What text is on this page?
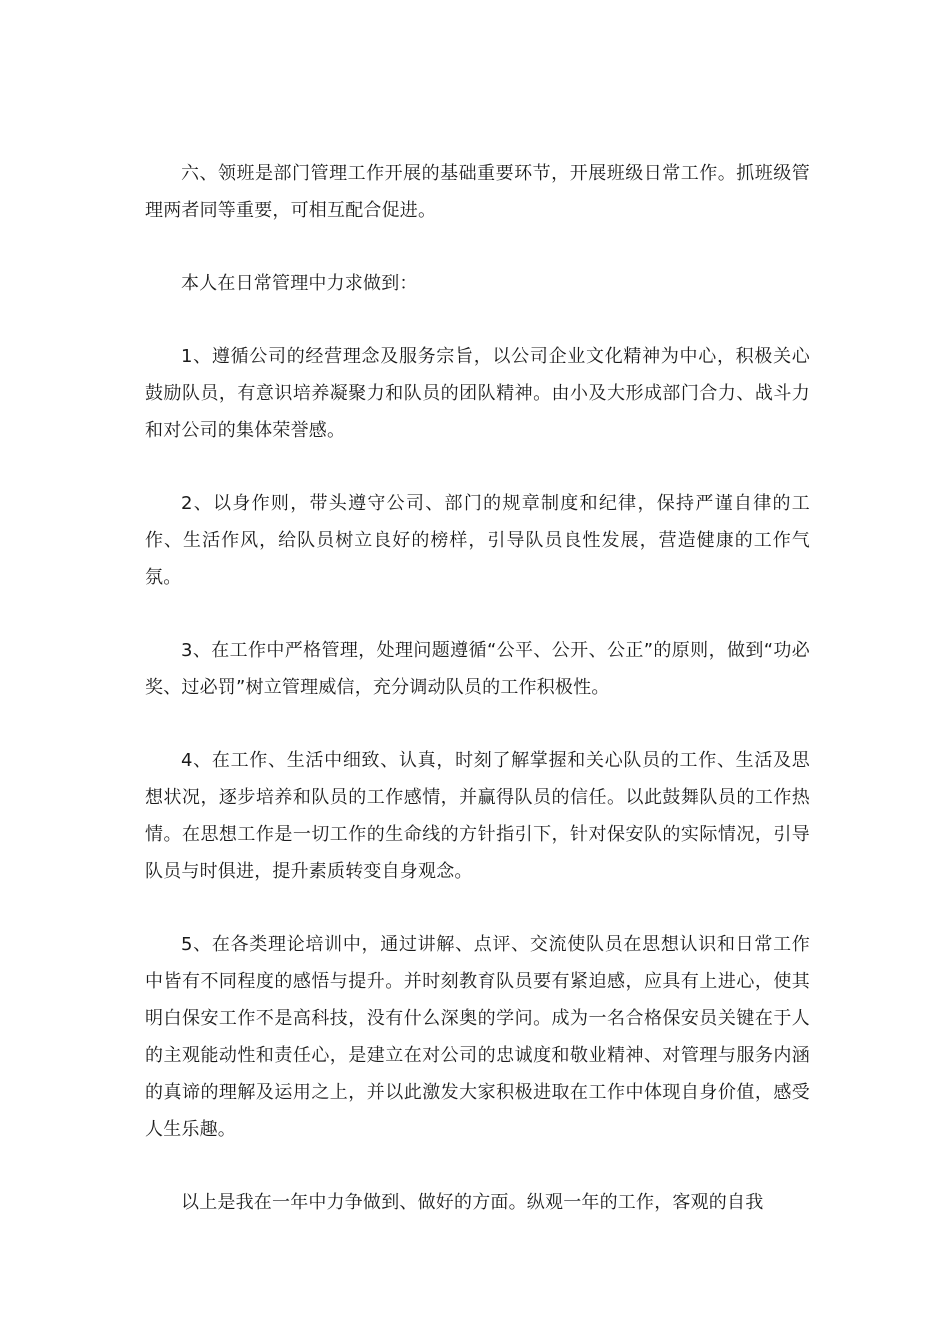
六、领班是部门管理工作开展的基础重要环节，开展班级日常工作。抓班级管理两者同等重要，可相互配合促进。

本人在日常管理中力求做到：

1、遵循公司的经营理念及服务宗旨，以公司企业文化精神为中心，积极关心鼓励队员，有意识培养凝聚力和队员的团队精神。由小及大形成部门合力、战斗力和对公司的集体荣誉感。

2、以身作则，带头遵守公司、部门的规章制度和纪律，保持严谨自律的工作、生活作风，给队员树立良好的榜样，引导队员良性发展，营造健康的工作气氛。

3、在工作中严格管理，处理问题遵循“公平、公开、公正”的原则，做到“功必奖、过必罚”树立管理威信，充分调动队员的工作积极性。

4、在工作、生活中细致、认真，时刻了解掌握和关心队员的工作、生活及思想状况，逐步培养和队员的工作感情，并赢得队员的信任。以此鼓舞队员的工作热情。在思想工作是一切工作的生命线的方针指引下，针对保安队的实际情况，引导队员与时俱进，提升素质转变自身观念。

5、在各类理论培训中，通过讲解、点评、交流使队员在思想认识和日常工作中皆有不同程度的感悟与提升。并时刻教育队员要有紧迫感，应具有上进心，使其明白保安工作不是高科技，没有什么深奥的学问。成为一名合格保安员关键在于人的主观能动性和责任心，是建立在对公司的忠诚度和敬业精神、对管理与服务内涵的真谛的理解及运用之上，并以此激发大家积极进取在工作中体现自身价值，感受人生乐趣。

以上是我在一年中力争做到、做好的方面。纵观一年的工作，客观的自我
